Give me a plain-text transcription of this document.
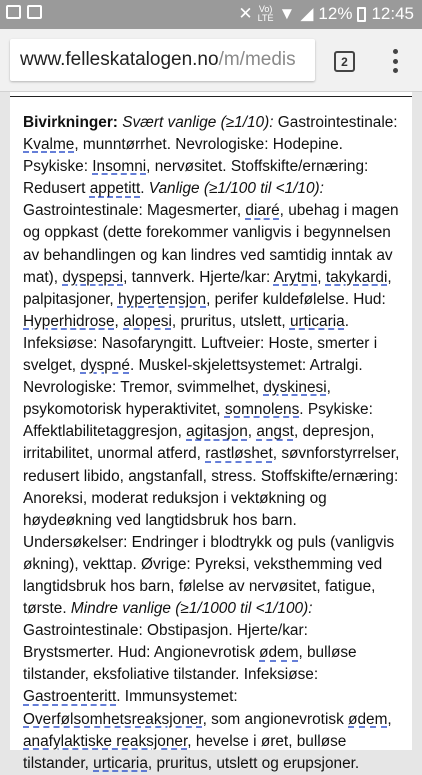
✕ Vo)
LTE ▼ ◢ 12% 12:45
www.felleskatalogen.no /m/medis	2
Bivirkninger: Svært vanlige (≥1/10): Gastrointestinale: Kvalme, munntørrhet. Nevrologiske: Hodepine. Psykiske: Insomni, nervøsitet. Stoffskifte/ernæring: Redusert appetitt. Vanlige (≥1/100 til <1/10): Gastrointestinale: Magesmerter, diaré, ubehag i magen og oppkast (dette forekommer vanligvis i begynnelsen av behandlingen og kan lindres ved samtidig inntak av mat), dyspepsi, tannverk. Hjerte/kar: Arytmi, takykardi, palpitasjoner, hypertensjon, perifer kuldefølelse. Hud: Hyperhidrose, alopesi, pruritus, utslett, urticaria. Infeksiøse: Nasofaryngitt. Luftveier: Hoste, smerter i svelget, dyspné. Muskel-skjelettsystemet: Artralgi. Nevrologiske: Tremor, svimmelhet, dyskinesi, psykomotorisk hyperaktivitet, somnolens. Psykiske: Affektlabilitetaggresjon, agitasjon, angst, depresjon, irritabilitet, unormal atferd, rastløshet, søvnforstyrrelser, redusert libido, angstanfall, stress. Stoffskifte/ernæring: Anoreksi, moderat reduksjon i vektøkning og høydeøkning ved langtidsbruk hos barn. Undersøkelser: Endringer i blodtrykk og puls (vanligvis økning), vekttap. Øvrige: Pyreksi, veksthemming ved langtidsbruk hos barn, følelse av nervøsitet, fatigue, tørste. Mindre vanlige (≥1/1000 til <1/100): Gastrointestinale: Obstipasjon. Hjerte/kar: Brystsmerter. Hud: Angionevrotisk ødem, bulløse tilstander, eksfoliative tilstander. Infeksiøse: Gastroenteritt. Immunsystemet: Overfølsomhetsreaksjoner, som angionevrotisk ødem, anafylaktiske reaksjoner, hevelse i øret, bulløse tilstander, urticaria, pruritus, utslett og erupsjoner.
